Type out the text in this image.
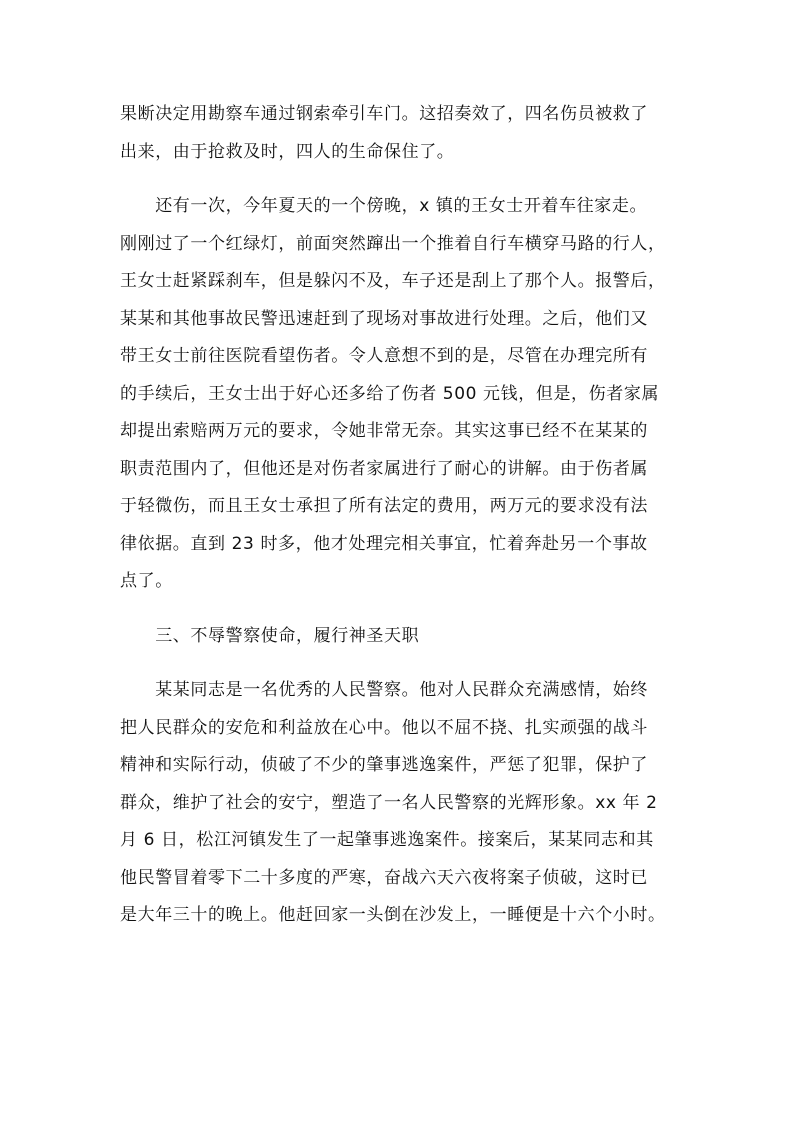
果断决定用勘察车通过钢索牵引车门。这招奏效了，四名伤员被救了
出来，由于抢救及时，四人的生命保住了。
　　还有一次，今年夏天的一个傍晚，x 镇的王女士开着车往家走。
刚刚过了一个红绿灯，前面突然蹿出一个推着自行车横穿马路的行人，
王女士赶紧踩刹车，但是躲闪不及，车子还是刮上了那个人。报警后，
某某和其他事故民警迅速赶到了现场对事故进行处理。之后，他们又
带王女士前往医院看望伤者。令人意想不到的是，尽管在办理完所有
的手续后，王女士出于好心还多给了伤者 500 元钱，但是，伤者家属
却提出索赔两万元的要求，令她非常无奈。其实这事已经不在某某的
职责范围内了，但他还是对伤者家属进行了耐心的讲解。由于伤者属
于轻微伤，而且王女士承担了所有法定的费用，两万元的要求没有法
律依据。直到 23 时多，他才处理完相关事宜，忙着奔赴另一个事故
点了。
　　三、不辱警察使命，履行神圣天职
　　某某同志是一名优秀的人民警察。他对人民群众充满感情，始终
把人民群众的安危和利益放在心中。他以不屈不挠、扎实顽强的战斗
精神和实际行动，侦破了不少的肇事逃逸案件，严惩了犯罪，保护了
群众，维护了社会的安宁，塑造了一名人民警察的光辉形象。xx 年 2
月 6 日，松江河镇发生了一起肇事逃逸案件。接案后，某某同志和其
他民警冒着零下二十多度的严寒，奋战六天六夜将案子侦破，这时已
是大年三十的晚上。他赶回家一头倒在沙发上，一睡便是十六个小时。
